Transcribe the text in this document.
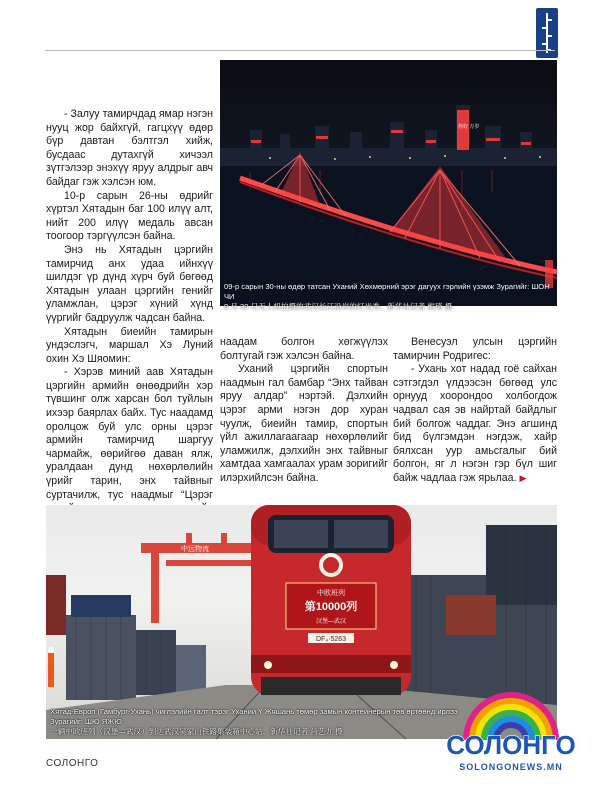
你好 万岁
09-р сарын 30-ны өдөр татсан Уханий Хөхмөрний эрэг дагуух гэрлийн үзэмж Зурагийг: ШОН ЧИ
9 月 30 日无人机拍摄的武汉长江沿岸的灯光秀。新华社记者 熊琦 摄

- Залуу тамирчдад ямар нэгэн нууц жор байхгүй, гагцхүү өдөр бүр давтан бэлтгэл хийж, бусдаас дутахгүй хичээл зүтгэлээр энэхүү яруу алдрыг авч байдаг гэж хэлсэн юм.

10-р сарын 26-ны өдрийг хүртэл Хятадын баг 100 илүү алт, нийт 200 илүү медаль авсан тоогоор тэргүүлсэн байна.

Энэ нь Хятадын цэргийн тамирчид анх удаа ийнхүү шилдэг үр дүнд хүрч буй бөгөөд Хятадын улаан цэргийн генийг уламжлан, цэрэг хүний хүнд үүргийг бадруулж чадсан байна.

Хятадын биеийн тамирын ундэслэгч, маршал Хэ Луний охин Хэ Шяомин:

- Хэрэв миний аав Хятадын цэргийн армийн өнөөдрийн хэр түвшинг олж харсан бол туйлын ихээр баярлах байх. Тус наадамд оролцож буй улс орны цэрэг армийн тамирчид шаргуу чармайж, өөрийгөө даван ялж, уралдаан дунд нөхөрлөлийн үрийг тарин, энх тайвныг суртачилж, тус наадмыг “Цэрэг

наадам болгон хөгжүүлэх болтугай гэж хэлсэн байна.

Уханий цэргийн спортын наадмын гал бамбар “Энх тайван яруу алдар” нэртэй. Дэлхийн цэрэг арми нэгэн дор хуран чуулж, биеийн тамир, спортын үйл ажиллагаагаар нөхөрлөлийг уламжилж, дэлхийн энх тайвныг хамтдаа хамгаалах урам зоригийг илэрхийлсэн байна.

Венесуэл улсын цэргийн тамирчин Родригес:

- Ухань хот надад гоё сайхан сэтгэгдэл үлдээсэн бөгөөд улс орнууд хоорондоо холбогдож чадвал сая эв найртай байдлыг бий болгож чаддаг. Энэ агшинд бид бүлгэмдэн нэгдэж, хайр бялхсан уур амьсгалыг бий болгон, яг л нэгэн гэр бүл шиг байж чадлаа гэж ярьлаа. ▶

中远物流
中欧班列
第10000列
汉堡—武汉
DF₄·5263
Хятад-Европ (Гамбург-Ухань) чиглэлийн галт тэрэг Уханий Ү Жяшань төмөр замын контейнерын төв өртөөнд ирлээ Зурагийг: ШЮ ЯЖЮ
一辆中欧班列（汉堡—武汉）到达武汉吴家山铁路集装箱中心站。新华社记者 肖艺九 摄	СОЛОНГО
SOLONGONEWS.MN
СОЛОНГО
